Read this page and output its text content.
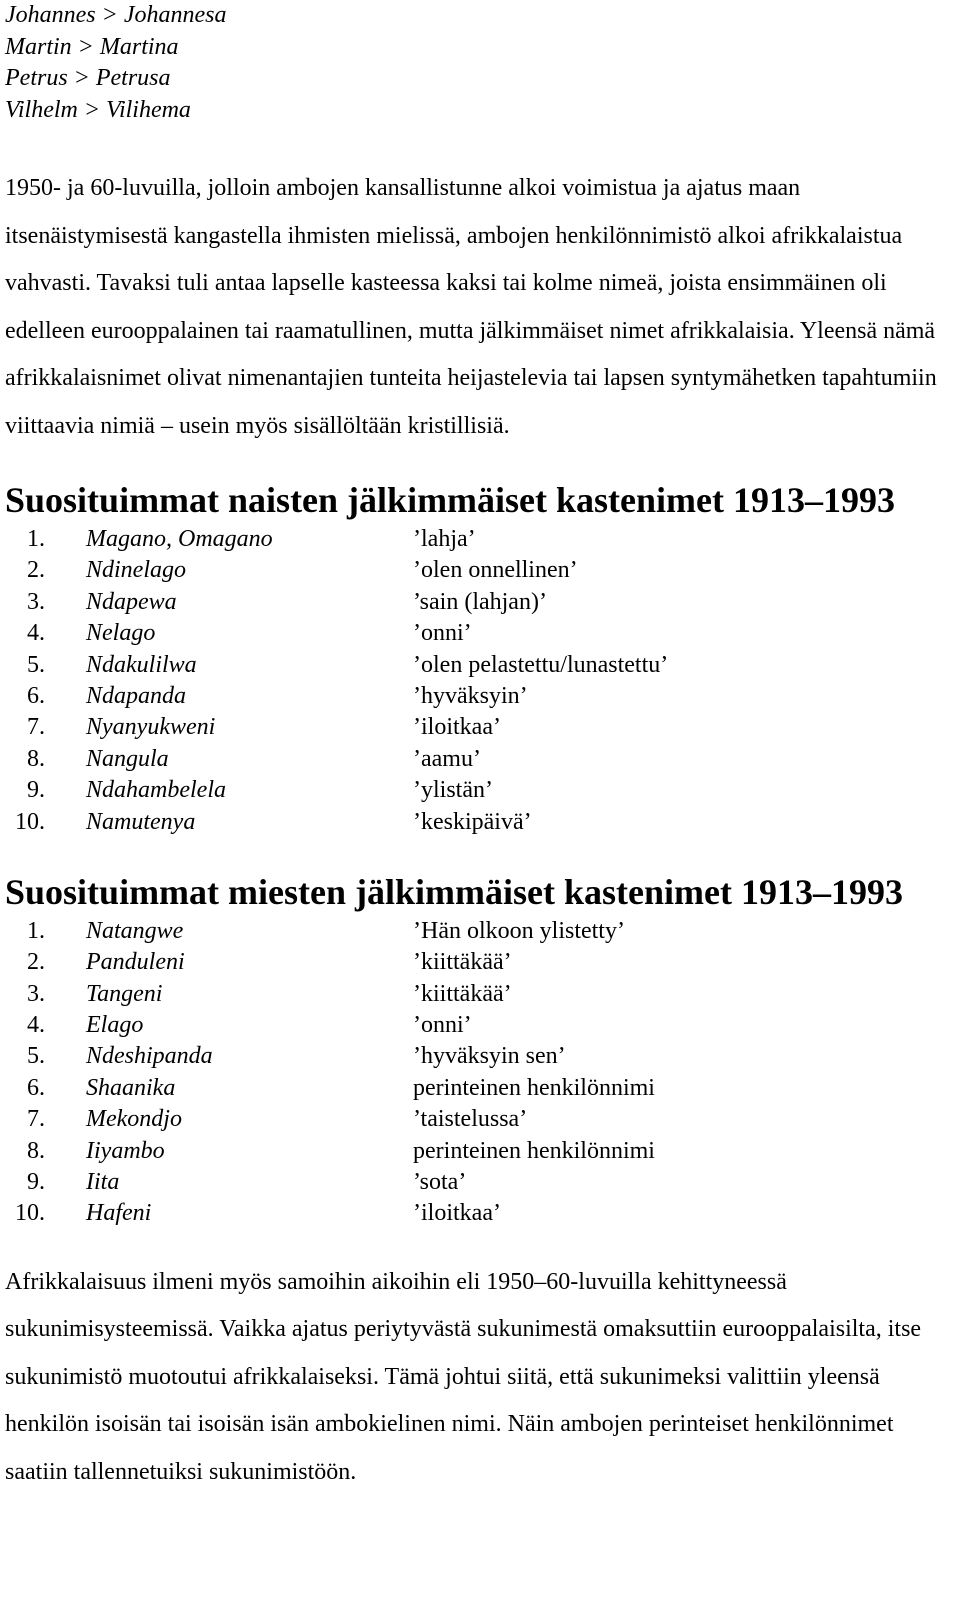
Johannes > Johannesa
Martin > Martina
Petrus > Petrusa
Vilhelm > Vilihema

1950- ja 60-luvuilla, jolloin ambojen kansallistunne alkoi voimistua ja ajatus maan itsenäistymisestä kangastella ihmisten mielissä, ambojen henkilönnimistö alkoi afrikkalaistua vahvasti. Tavaksi tuli antaa lapselle kasteessa kaksi tai kolme nimeä, joista ensimmäinen oli edelleen eurooppalainen tai raamatullinen, mutta jälkimmäiset nimet afrikkalaisia. Yleensä nämä afrikkalaisnimet olivat nimenantajien tunteita heijastelevia tai lapsen syntymähetken tapahtumiin viittaavia nimiä – usein myös sisällöltään kristillisiä.

Suosituimmat naisten jälkimmäiset kastenimet 1913–1993
1. Magano, Omagano	’lahja’
2. Ndinelago	’olen onnellinen’
3. Ndapewa	’sain (lahjan)’
4. Nelago	’onni’
5. Ndakulilwa	’olen pelastettu/lunastettu’
6. Ndapanda	’hyväksyin’
7. Nyanyukweni	’iloitkaa’
8. Nangula	’aamu’
9. Ndahambelela	’ylistän’
10. Namutenya	’keskipäivä’
Suosituimmat miesten jälkimmäiset kastenimet 1913–1993
1. Natangwe	’Hän olkoon ylistetty’
2. Panduleni	’kiittäkää’
3. Tangeni	’kiittäkää’
4. Elago	’onni’
5. Ndeshipanda	’hyväksyin sen’
6. Shaanika	perinteinen henkilönnimi
7. Mekondjo	’taistelussa’
8. Iiyambo	perinteinen henkilönnimi
9. Iita	’sota’
10. Hafeni	’iloitkaa’

Afrikkalaisuus ilmeni myös samoihin aikoihin eli 1950–60-luvuilla kehittyneessä sukunimisysteemissä. Vaikka ajatus periytyvästä sukunimestä omaksuttiin eurooppalaisilta, itse sukunimistö muotoutui afrikkalaiseksi. Tämä johtui siitä, että sukunimeksi valittiin yleensä henkilön isoisän tai isoisän isän ambokielinen nimi. Näin ambojen perinteiset henkilönnimet saatiin tallennetuiksi sukunimistöön.
